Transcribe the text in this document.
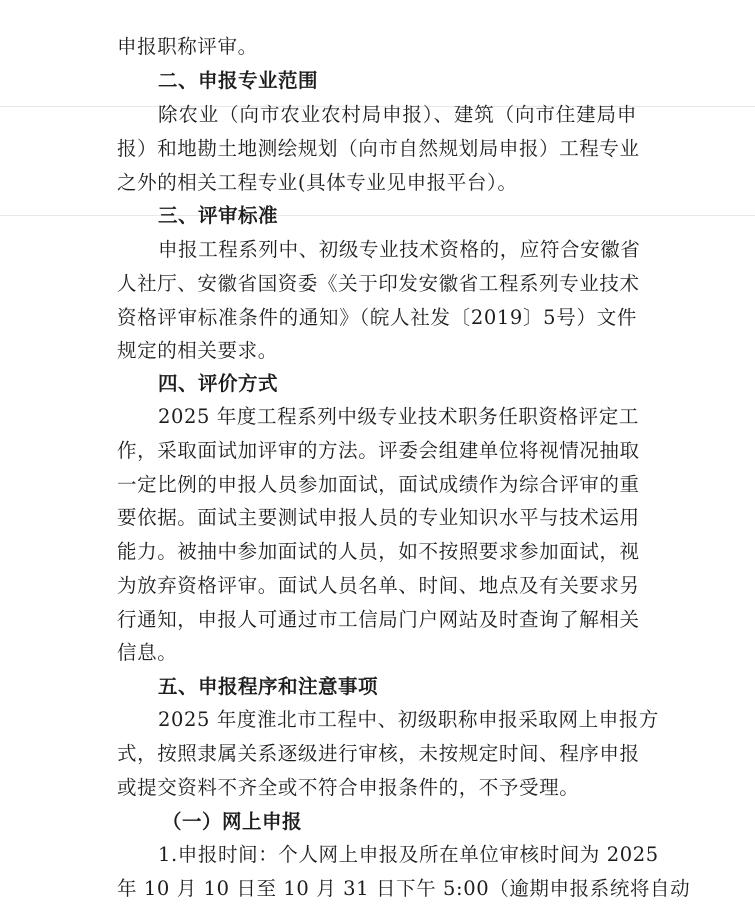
申报职称评审。
二、申报专业范围
除农业（向市农业农村局申报）、建筑（向市住建局申
报）和地勘土地测绘规划（向市自然规划局申报）工程专业
之外的相关工程专业(具体专业见申报平台）。
三、评审标准
申报工程系列中、初级专业技术资格的，应符合安徽省
人社厅、安徽省国资委《关于印发安徽省工程系列专业技术
资格评审标准条件的通知》（皖人社发〔2019〕5号）文件
规定的相关要求。
四、评价方式
2025 年度工程系列中级专业技术职务任职资格评定工
作，采取面试加评审的方法。评委会组建单位将视情况抽取
一定比例的申报人员参加面试，面试成绩作为综合评审的重
要依据。面试主要测试申报人员的专业知识水平与技术运用
能力。被抽中参加面试的人员，如不按照要求参加面试，视
为放弃资格评审。面试人员名单、时间、地点及有关要求另
行通知，申报人可通过市工信局门户网站及时查询了解相关
信息。
五、申报程序和注意事项
2025 年度淮北市工程中、初级职称申报采取网上申报方
式，按照隶属关系逐级进行审核，未按规定时间、程序申报
或提交资料不齐全或不符合申报条件的，不予受理。
（一）网上申报
1.申报时间：个人网上申报及所在单位审核时间为 2025
年 10 月 10 日至 10 月 31 日下午 5:00（逾期申报系统将自动
